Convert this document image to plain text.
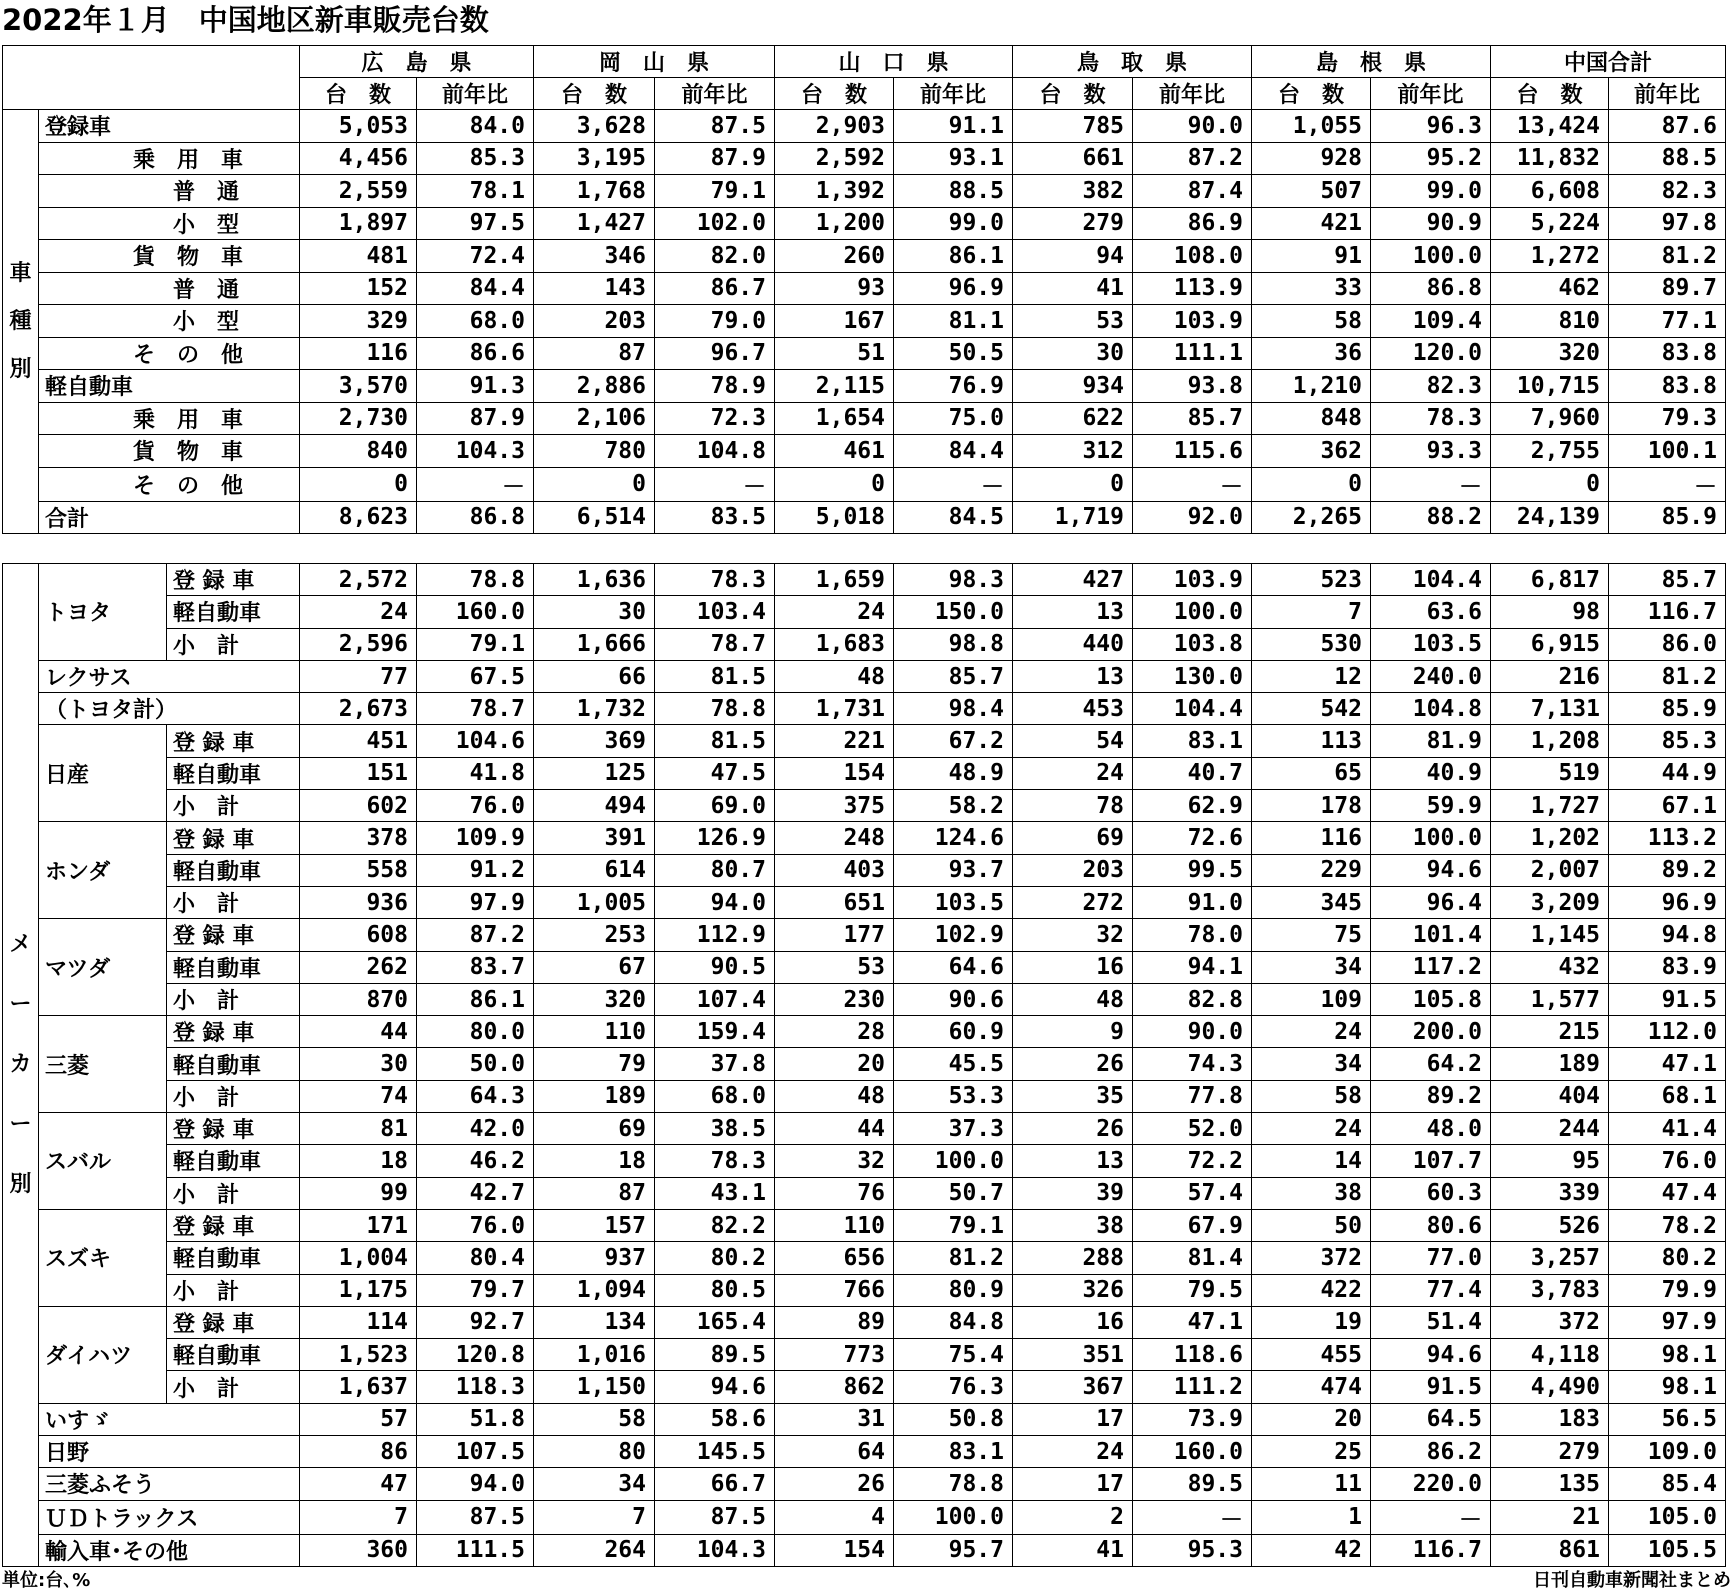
2022年１月　中国地区新車販売台数
		広　島　県		岡　山　県		山　口　県		鳥　取　県		島　根　県		中国合計	
		台　数	前年比	台　数	前年比	台　数	前年比	台　数	前年比	台　数	前年比	台　数	前年比

車
種
別	登録車	5,053	84.0	3,628	87.5	2,903	91.1	785	90.0	1,055	96.3	13,424	87.6
	乗　用　車	4,456	85.3	3,195	87.9	2,592	93.1	661	87.2	928	95.2	11,832	88.5
	普　通	2,559	78.1	1,768	79.1	1,392	88.5	382	87.4	507	99.0	6,608	82.3
	小　型	1,897	97.5	1,427	102.0	1,200	99.0	279	86.9	421	90.9	5,224	97.8
	貨　物　車	481	72.4	346	82.0	260	86.1	94	108.0	91	100.0	1,272	81.2
	普　通	152	84.4	143	86.7	93	96.9	41	113.9	33	86.8	462	89.7
	小　型	329	68.0	203	79.0	167	81.1	53	103.9	58	109.4	810	77.1
	そ　の　他	116	86.6	87	96.7	51	50.5	30	111.1	36	120.0	320	83.8
	軽自動車	3,570	91.3	2,886	78.9	2,115	76.9	934	93.8	1,210	82.3	10,715	83.8
	乗　用　車	2,730	87.9	2,106	72.3	1,654	75.0	622	85.7	848	78.3	7,960	79.3
	貨　物　車	840	104.3	780	104.8	461	84.4	312	115.6	362	93.3	2,755	100.1
	そ　の　他	0	－	0	－	0	－	0	－	0	－	0	－
	合計	8,623	86.8	6,514	83.5	5,018	84.5	1,719	92.0	2,265	88.2	24,139	85.9
メ
ー
カ
ー
別	トヨタ	登 録 車	2,572	78.8	1,636	78.3	1,659	98.3	427	103.9	523	104.4	6,817	85.7
		軽自動車	24	160.0	30	103.4	24	150.0	13	100.0	7	63.6	98	116.7
		小　計	2,596	79.1	1,666	78.7	1,683	98.8	440	103.8	530	103.5	6,915	86.0
	レクサス		77	67.5	66	81.5	48	85.7	13	130.0	12	240.0	216	81.2
	（トヨタ計）		2,673	78.7	1,732	78.8	1,731	98.4	453	104.4	542	104.8	7,131	85.9
	日産	登 録 車	451	104.6	369	81.5	221	67.2	54	83.1	113	81.9	1,208	85.3
		軽自動車	151	41.8	125	47.5	154	48.9	24	40.7	65	40.9	519	44.9
		小　計	602	76.0	494	69.0	375	58.2	78	62.9	178	59.9	1,727	67.1
	ホンダ	登 録 車	378	109.9	391	126.9	248	124.6	69	72.6	116	100.0	1,202	113.2
		軽自動車	558	91.2	614	80.7	403	93.7	203	99.5	229	94.6	2,007	89.2
		小　計	936	97.9	1,005	94.0	651	103.5	272	91.0	345	96.4	3,209	96.9
	マツダ	登 録 車	608	87.2	253	112.9	177	102.9	32	78.0	75	101.4	1,145	94.8
		軽自動車	262	83.7	67	90.5	53	64.6	16	94.1	34	117.2	432	83.9
		小　計	870	86.1	320	107.4	230	90.6	48	82.8	109	105.8	1,577	91.5
	三菱	登 録 車	44	80.0	110	159.4	28	60.9	9	90.0	24	200.0	215	112.0
		軽自動車	30	50.0	79	37.8	20	45.5	26	74.3	34	64.2	189	47.1
		小　計	74	64.3	189	68.0	48	53.3	35	77.8	58	89.2	404	68.1
	スバル	登 録 車	81	42.0	69	38.5	44	37.3	26	52.0	24	48.0	244	41.4
		軽自動車	18	46.2	18	78.3	32	100.0	13	72.2	14	107.7	95	76.0
		小　計	99	42.7	87	43.1	76	50.7	39	57.4	38	60.3	339	47.4
	スズキ	登 録 車	171	76.0	157	82.2	110	79.1	38	67.9	50	80.6	526	78.2
		軽自動車	1,004	80.4	937	80.2	656	81.2	288	81.4	372	77.0	3,257	80.2
		小　計	1,175	79.7	1,094	80.5	766	80.9	326	79.5	422	77.4	3,783	79.9
	ダイハツ	登 録 車	114	92.7	134	165.4	89	84.8	16	47.1	19	51.4	372	97.9
		軽自動車	1,523	120.8	1,016	89.5	773	75.4	351	118.6	455	94.6	4,118	98.1
		小　計	1,637	118.3	1,150	94.6	862	76.3	367	111.2	474	91.5	4,490	98.1
	いすゞ		57	51.8	58	58.6	31	50.8	17	73.9	20	64.5	183	56.5
	日野		86	107.5	80	145.5	64	83.1	24	160.0	25	86.2	279	109.0
	三菱ふそう		47	94.0	34	66.7	26	78.8	17	89.5	11	220.0	135	85.4
	ＵＤトラックス		7	87.5	7	87.5	4	100.0	2	－	1	－	21	105.0
	輸入車･その他		360	111.5	264	104.3	154	95.7	41	95.3	42	116.7	861	105.5
単位:台､%	日刊自動車新聞社まとめ
